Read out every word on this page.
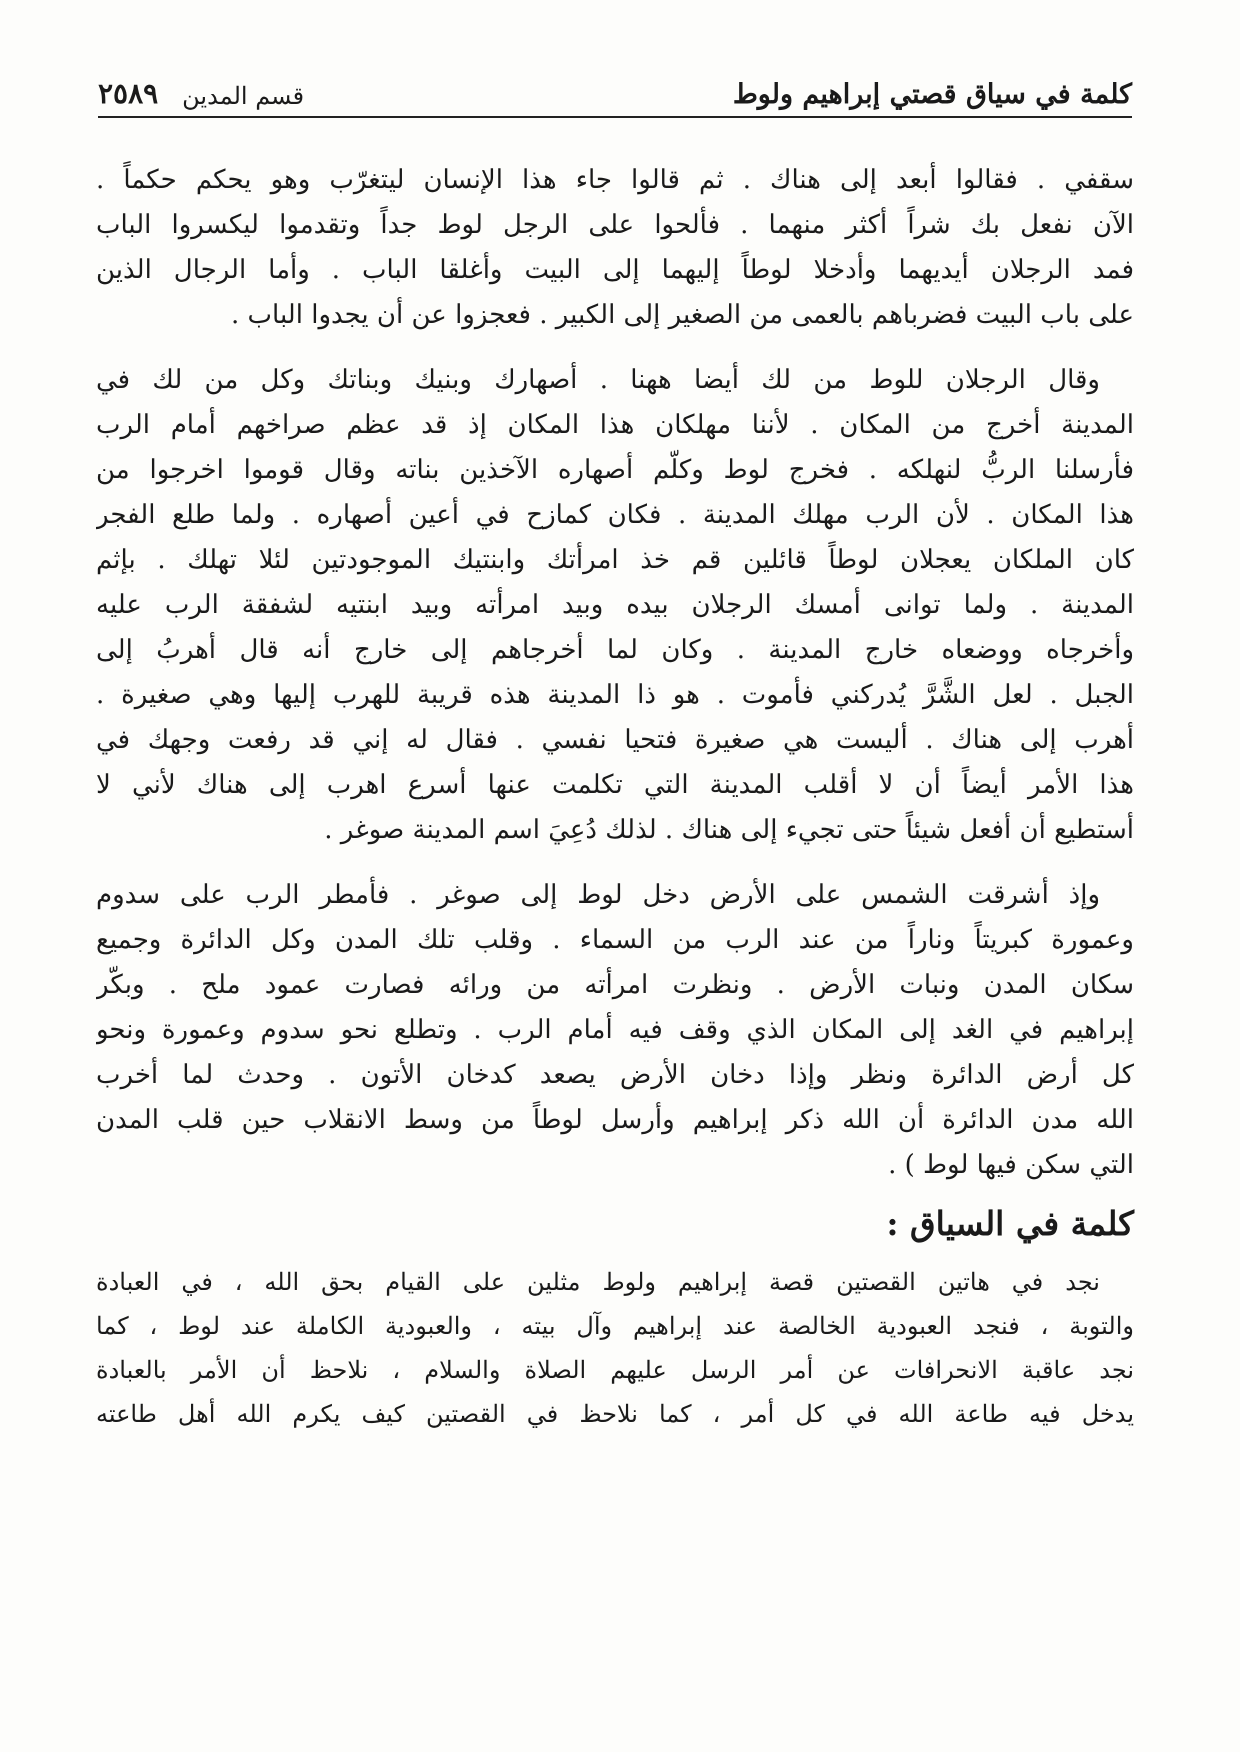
كلمة في سياق قصتي إبراهيم ولوط
قسم المدين
٢٥٨٩
سقفي . فقالوا أبعد إلى هناك . ثم قالوا جاء هذا الإنسان ليتغرّب وهو يحكم حكماً .
الآن نفعل بك شراً أكثر منهما . فألحوا على الرجل لوط جداً وتقدموا ليكسروا الباب
فمد الرجلان أيديهما وأدخلا لوطاً إليهما إلى البيت وأغلقا الباب . وأما الرجال الذين
على باب البيت فضرباهم بالعمى من الصغير إلى الكبير . فعجزوا عن أن يجدوا الباب .
وقال الرجلان للوط من لك أيضا ههنا . أصهارك وبنيك وبناتك وكل من لك في
المدينة أخرج من المكان . لأننا مهلكان هذا المكان إذ قد عظم صراخهم أمام الرب
فأرسلنا الربُّ لنهلكه . فخرج لوط وكلّم أصهاره الآخذين بناته وقال قوموا اخرجوا من
هذا المكان . لأن الرب مهلك المدينة . فكان كمازح في أعين أصهاره . ولما طلع الفجر
كان الملكان يعجلان لوطاً قائلين قم خذ امرأتك وابنتيك الموجودتين لئلا تهلك . بإثم
المدينة . ولما توانى أمسك الرجلان بيده وبيد امرأته وبيد ابنتيه لشفقة الرب عليه
وأخرجاه ووضعاه خارج المدينة . وكان لما أخرجاهم إلى خارج أنه قال أهربُ إلى
الجبل . لعل الشَّرَّ يُدركني فأموت . هو ذا المدينة هذه قريبة للهرب إليها وهي صغيرة .
أهرب إلى هناك . أليست هي صغيرة فتحيا نفسي . فقال له إني قد رفعت وجهك في
هذا الأمر أيضاً أن لا أقلب المدينة التي تكلمت عنها أسرع اهرب إلى هناك لأني لا
أستطيع أن أفعل شيئاً حتى تجيء إلى هناك . لذلك دُعِيَ اسم المدينة صوغر .
وإذ أشرقت الشمس على الأرض دخل لوط إلى صوغر . فأمطر الرب على سدوم
وعمورة كبريتاً وناراً من عند الرب من السماء . وقلب تلك المدن وكل الدائرة وجميع
سكان المدن ونبات الأرض . ونظرت امرأته من ورائه فصارت عمود ملح . وبكّر
إبراهيم في الغد إلى المكان الذي وقف فيه أمام الرب . وتطلع نحو سدوم وعمورة ونحو
كل أرض الدائرة ونظر وإذا دخان الأرض يصعد كدخان الأتون . وحدث لما أخرب
الله مدن الدائرة أن الله ذكر إبراهيم وأرسل لوطاً من وسط الانقلاب حين قلب المدن
التي سكن فيها لوط ) .
كلمة في السياق :
نجد في هاتين القصتين قصة إبراهيم ولوط مثلين على القيام بحق الله ، في العبادة
والتوبة ، فنجد العبودية الخالصة عند إبراهيم وآل بيته ، والعبودية الكاملة عند لوط ، كما
نجد عاقبة الانحرافات عن أمر الرسل عليهم الصلاة والسلام ، نلاحظ أن الأمر بالعبادة
يدخل فيه طاعة الله في كل أمر ، كما نلاحظ في القصتين كيف يكرم الله أهل طاعته
